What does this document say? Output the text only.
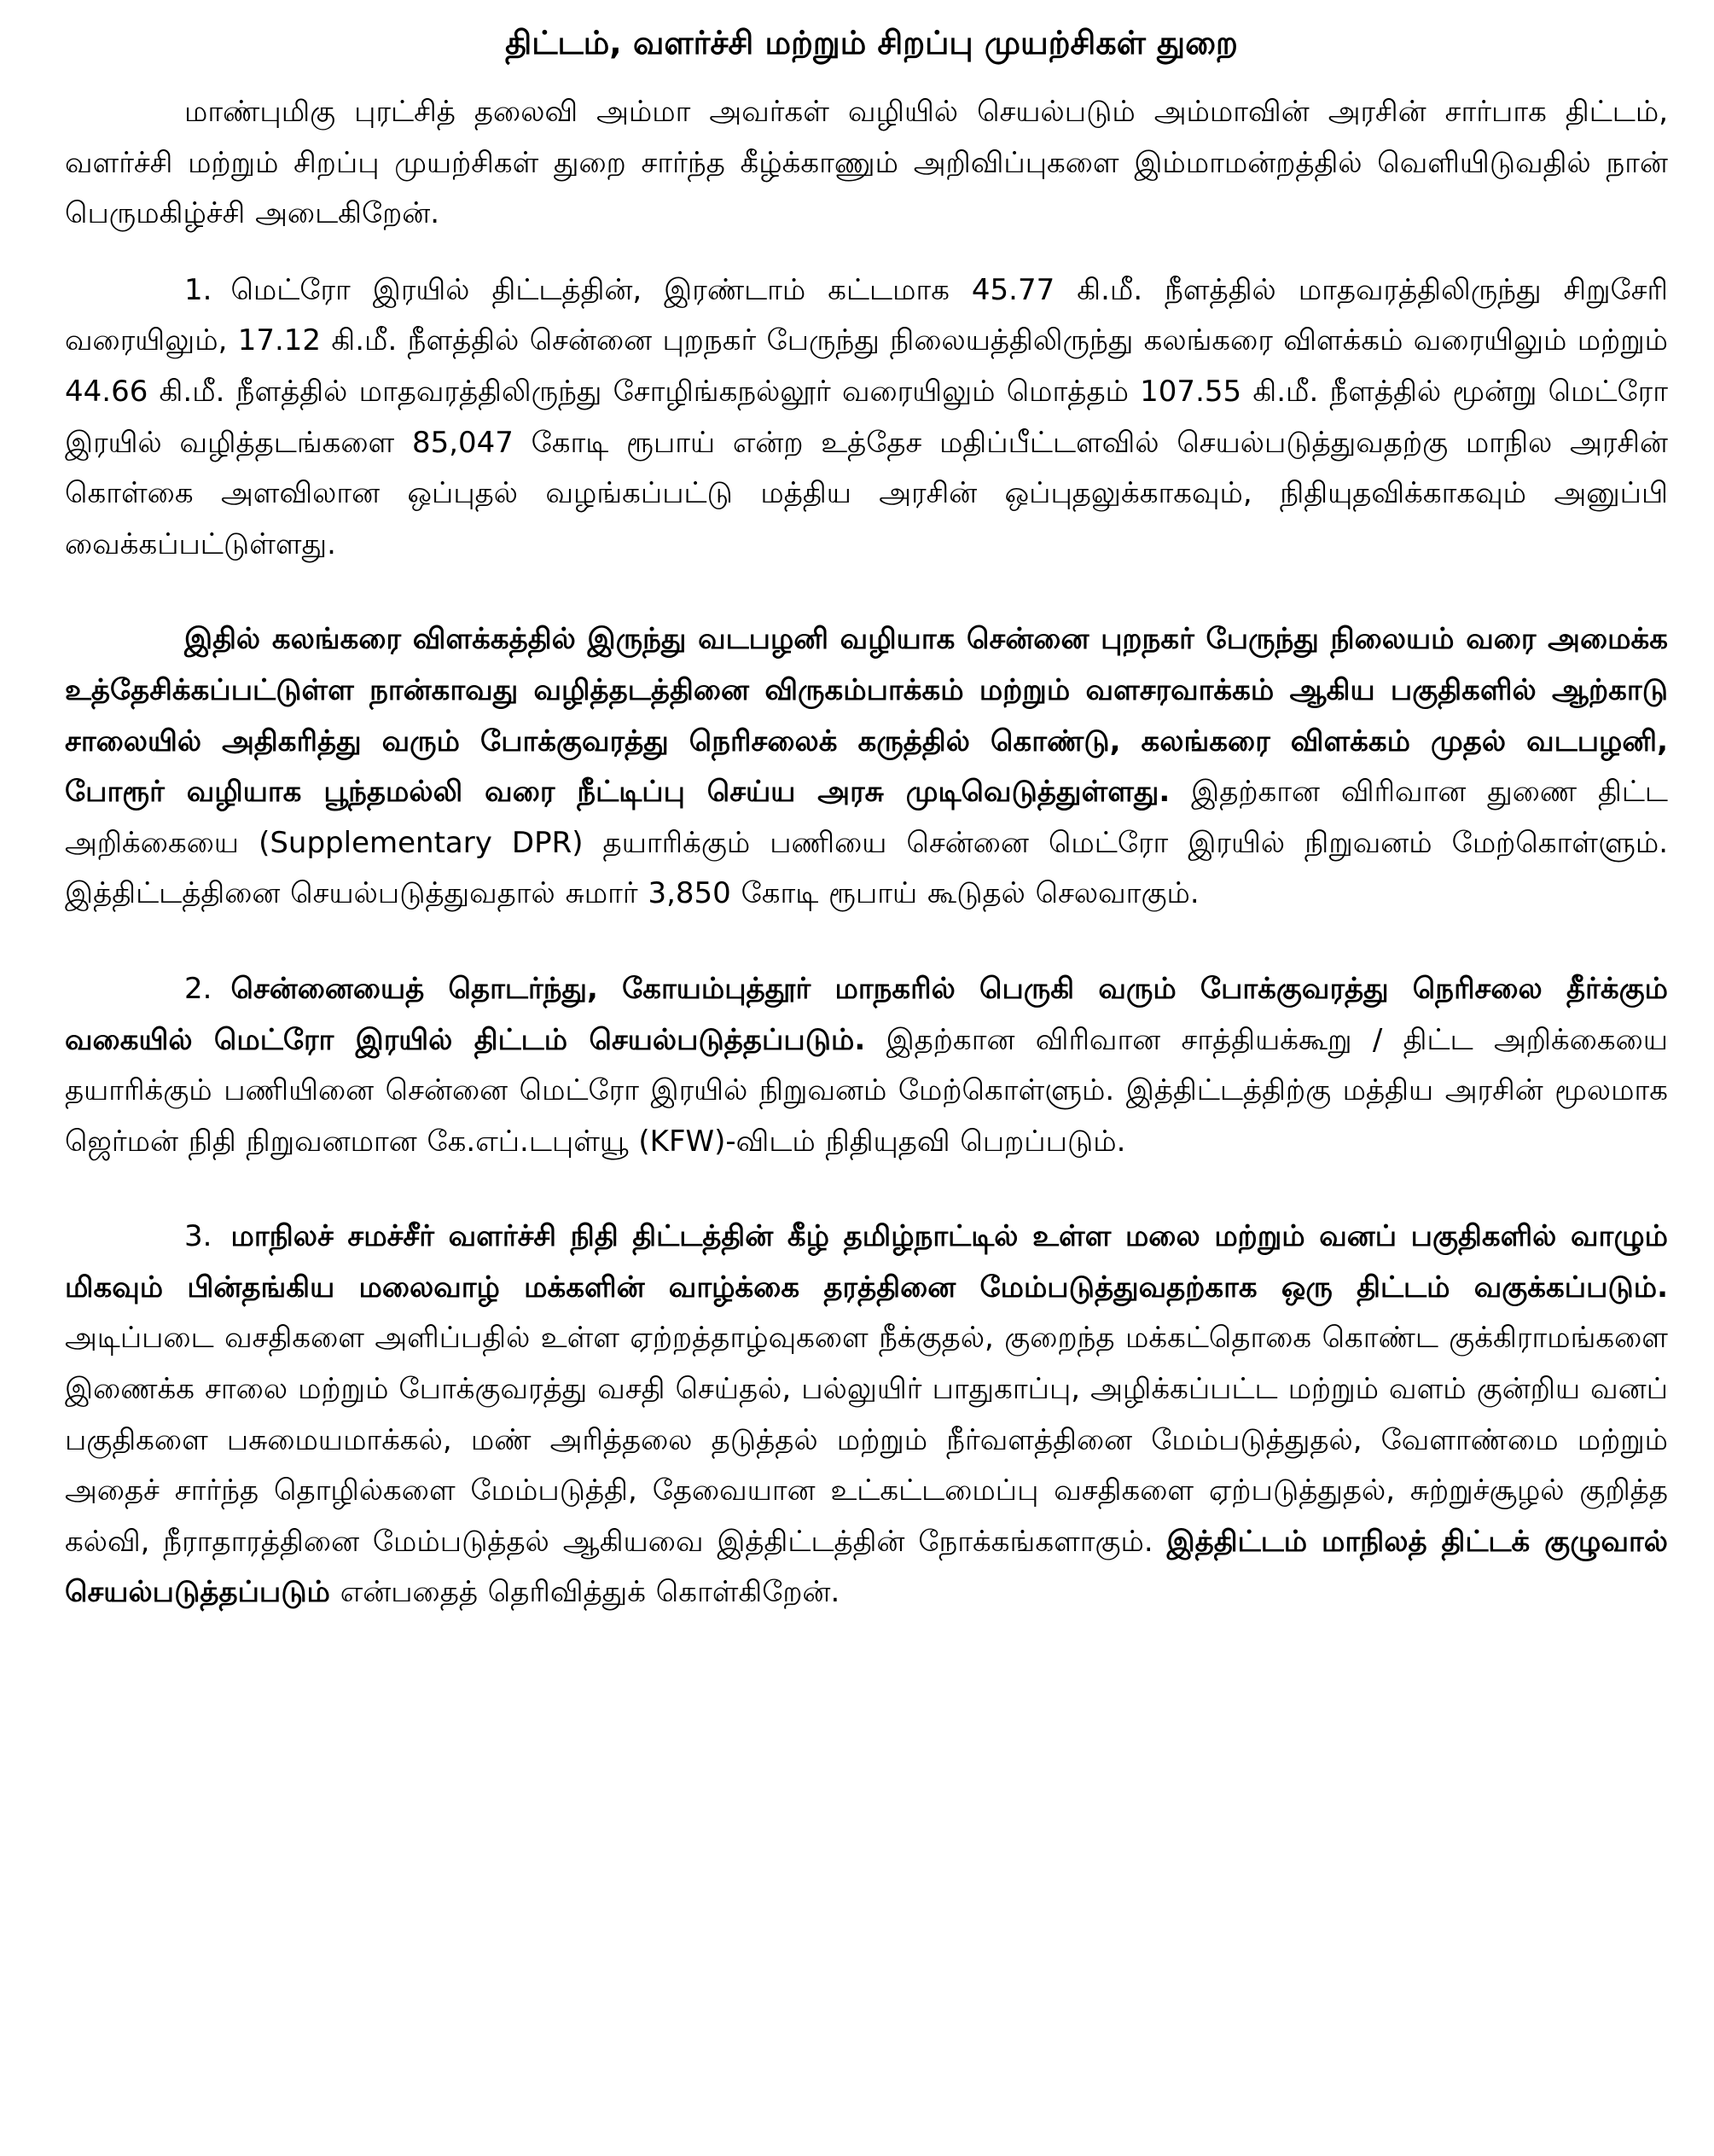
திட்டம், வளர்ச்சி மற்றும் சிறப்பு முயற்சிகள் துறை

மாண்புமிகு புரட்சித் தலைவி அம்மா அவர்கள் வழியில் செயல்படும் அம்மாவின் அரசின் சார்பாக திட்டம், வளர்ச்சி மற்றும் சிறப்பு முயற்சிகள் துறை சார்ந்த கீழ்க்காணும் அறிவிப்புகளை இம்மாமன்றத்தில் வெளியிடுவதில் நான் பெருமகிழ்ச்சி அடைகிறேன்.

1. மெட்ரோ இரயில் திட்டத்தின், இரண்டாம் கட்டமாக 45.77 கி.மீ. நீளத்தில் மாதவரத்திலிருந்து சிறுசேரி வரையிலும், 17.12 கி.மீ. நீளத்தில் சென்னை புறநகர் பேருந்து நிலையத்திலிருந்து கலங்கரை விளக்கம் வரையிலும் மற்றும் 44.66 கி.மீ. நீளத்தில் மாதவரத்திலிருந்து சோழிங்கநல்லூர் வரையிலும் மொத்தம் 107.55 கி.மீ. நீளத்தில் மூன்று மெட்ரோ இரயில் வழித்தடங்களை 85,047 கோடி ரூபாய் என்ற உத்தேச மதிப்பீட்டளவில் செயல்படுத்துவதற்கு மாநில அரசின் கொள்கை அளவிலான ஒப்புதல் வழங்கப்பட்டு மத்திய அரசின் ஒப்புதலுக்காகவும், நிதியுதவிக்காகவும் அனுப்பி வைக்கப்பட்டுள்ளது.

இதில் கலங்கரை விளக்கத்தில் இருந்து வடபழனி வழியாக சென்னை புறநகர் பேருந்து நிலையம் வரை அமைக்க உத்தேசிக்கப்பட்டுள்ள நான்காவது வழித்தடத்தினை விருகம்பாக்கம் மற்றும் வளசரவாக்கம் ஆகிய பகுதிகளில் ஆற்காடு சாலையில் அதிகரித்து வரும் போக்குவரத்து நெரிசலைக் கருத்தில் கொண்டு, கலங்கரை விளக்கம் முதல் வடபழனி, போரூர் வழியாக பூந்தமல்லி வரை நீட்டிப்பு செய்ய அரசு முடிவெடுத்துள்ளது. இதற்கான விரிவான துணை திட்ட அறிக்கையை (Supplementary DPR) தயாரிக்கும் பணியை சென்னை மெட்ரோ இரயில் நிறுவனம் மேற்கொள்ளும். இத்திட்டத்தினை செயல்படுத்துவதால் சுமார் 3,850 கோடி ரூபாய் கூடுதல் செலவாகும்.

2. சென்னையைத் தொடர்ந்து, கோயம்புத்தூர் மாநகரில் பெருகி வரும் போக்குவரத்து நெரிசலை தீர்க்கும் வகையில் மெட்ரோ இரயில் திட்டம் செயல்படுத்தப்படும். இதற்கான விரிவான சாத்தியக்கூறு / திட்ட அறிக்கையை தயாரிக்கும் பணியினை சென்னை மெட்ரோ இரயில் நிறுவனம் மேற்கொள்ளும். இத்திட்டத்திற்கு மத்திய அரசின் மூலமாக ஜெர்மன் நிதி நிறுவனமான கே.எப்.டபுள்யூ (KFW)-விடம் நிதியுதவி பெறப்படும்.

3. மாநிலச் சமச்சீர் வளர்ச்சி நிதி திட்டத்தின் கீழ் தமிழ்நாட்டில் உள்ள மலை மற்றும் வனப் பகுதிகளில் வாழும் மிகவும் பின்தங்கிய மலைவாழ் மக்களின் வாழ்க்கை தரத்தினை மேம்படுத்துவதற்காக ஒரு திட்டம் வகுக்கப்படும். அடிப்படை வசதிகளை அளிப்பதில் உள்ள ஏற்றத்தாழ்வுகளை நீக்குதல், குறைந்த மக்கட்தொகை கொண்ட குக்கிராமங்களை இணைக்க சாலை மற்றும் போக்குவரத்து வசதி செய்தல், பல்லுயிர் பாதுகாப்பு, அழிக்கப்பட்ட மற்றும் வளம் குன்றிய வனப் பகுதிகளை பசுமையமாக்கல், மண் அரித்தலை தடுத்தல் மற்றும் நீர்வளத்தினை மேம்படுத்துதல், வேளாண்மை மற்றும் அதைச் சார்ந்த தொழில்களை மேம்படுத்தி, தேவையான உட்கட்டமைப்பு வசதிகளை ஏற்படுத்துதல், சுற்றுச்சூழல் குறித்த கல்வி, நீராதாரத்தினை மேம்படுத்தல் ஆகியவை இத்திட்டத்தின் நோக்கங்களாகும். இத்திட்டம் மாநிலத் திட்டக் குழுவால் செயல்படுத்தப்படும் என்பதைத் தெரிவித்துக் கொள்கிறேன்.
